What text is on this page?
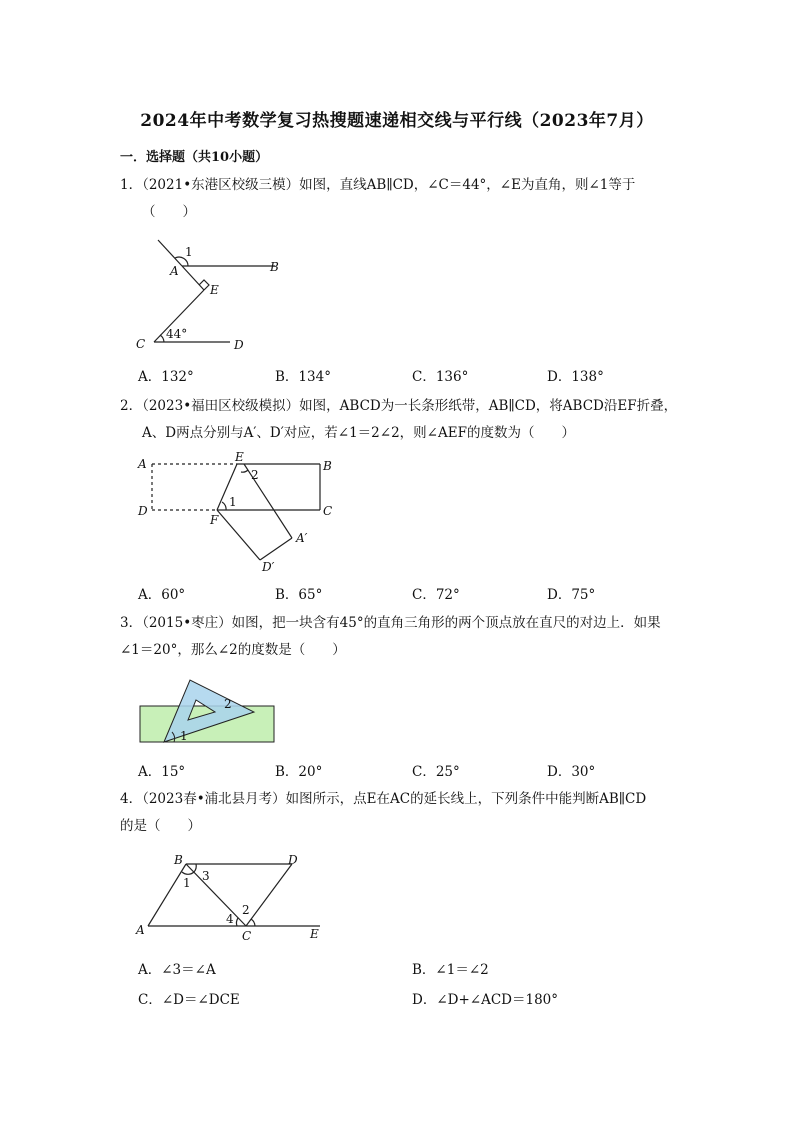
2024年中考数学复习热搜题速递相交线与平行线（2023年7月）
一．选择题（共10小题）
1．（2021•东港区校级三模）如图，直线AB∥CD，∠C＝44°，∠E为直角，则∠1等于
（　　）
1
A	B
E
44°
C	D
A．132°	B．134°	C．136°	D．138°
2．（2023•福田区校级模拟）如图，ABCD为一长条形纸带，AB∥CD，将ABCD沿EF折叠，
A、D两点分别与A′、D′对应，若∠1＝2∠2，则∠AEF的度数为（　　）
A	E
2
B
1
D
F
C
A′
D′
A．60°	B．65°	C．72°	D．75°
3．（2015•枣庄）如图，把一块含有45°的直角三角形的两个顶点放在直尺的对边上．如果
∠1＝20°，那么∠2的度数是（　　）
1
2
A．15°	B．20°	C．25°	D．30°
4．（2023春•浦北县月考）如图所示，点E在AC的延长线上，下列条件中能判断AB∥CD
的是（　　）
B	D
1 3
2
4
A	C	E
A．∠3＝∠A	B．∠1＝∠2
C．∠D＝∠DCE	D．∠D+∠ACD＝180°
